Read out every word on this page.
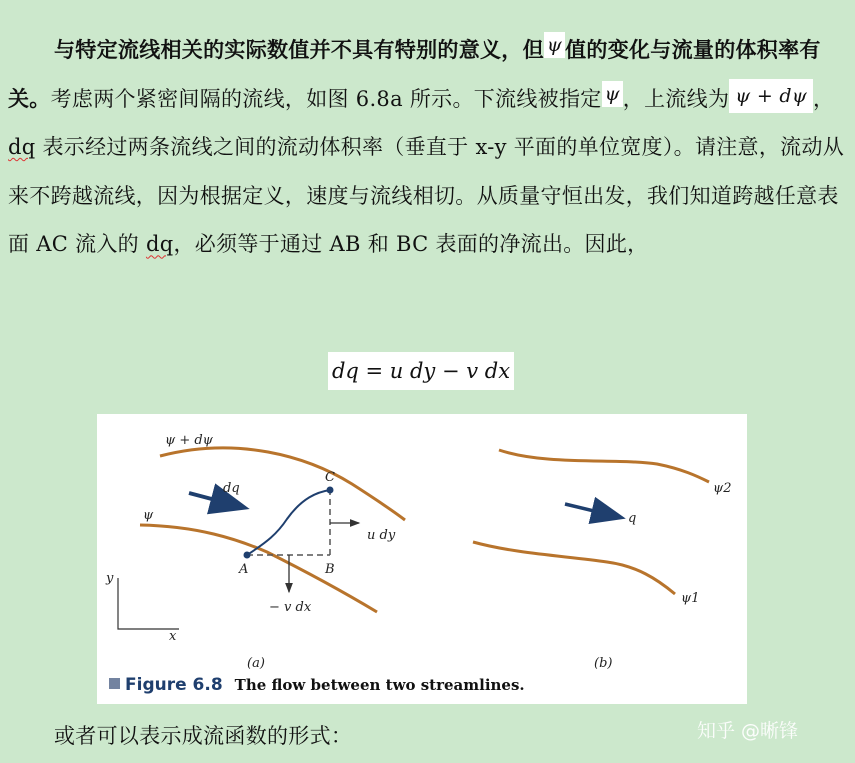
与特定流线相关的实际数值并不具有特别的意义，但 ψ 值的变化与流量的体积率有关。考虑两个紧密间隔的流线，如图 6.8a 所示。下流线被指定 ψ ，上流线为 ψ + dψ ，dq 表示经过两条流线之间的流动体积率（垂直于 x-y 平面的单位宽度）。请注意，流动从来不跨越流线，因为根据定义，速度与流线相切。从质量守恒出发，我们知道跨越任意表面 AC 流入的 dq，必须等于通过 AB 和 BC 表面的净流出。因此，

dq = u dy − v dx
ψ + dψ
ψ
dq
C
A	B
u dy
− v dx
y
x
(a)
ψ2
ψ1
q
(b)
Figure 6.8 The flow between two streamlines.

或者可以表示成流函数的形式：	知乎 @晰锋
